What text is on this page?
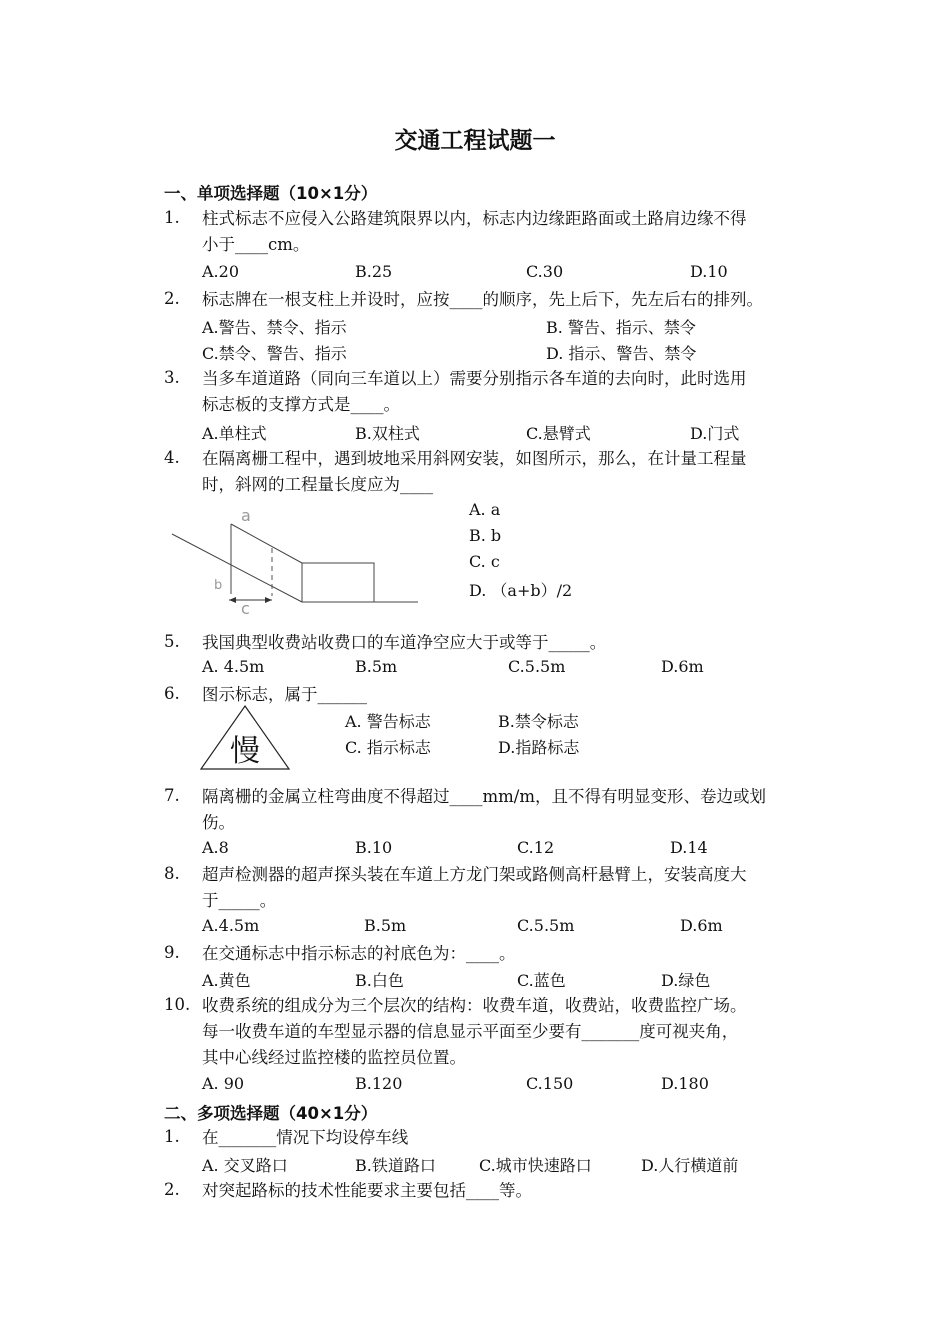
交通工程试题一
一、单项选择题（10×1分）
1. 柱式标志不应侵入公路建筑限界以内，标志内边缘距路面或土路肩边缘不得
小于____cm。
A.20	B.25	C.30	D.10
2. 标志牌在一根支柱上并设时，应按____的顺序，先上后下，先左后右的排列。
A.警告、禁令、指示	B. 警告、指示、禁令
C.禁令、警告、指示	D. 指示、警告、禁令
3. 当多车道道路（同向三车道以上）需要分别指示各车道的去向时，此时选用
标志板的支撑方式是____。
A.单柱式	B.双柱式	C.悬臂式	D.门式
4. 在隔离栅工程中，遇到坡地采用斜网安装，如图所示，那么，在计量工程量
时，斜网的工程量长度应为____
a
b
c
A. a
B. b
C. c
D. （a+b）/2
5. 我国典型收费站收费口的车道净空应大于或等于_____。
A. 4.5m	B.5m	C.5.5m	D.6m
6. 图示标志，属于______
慢
A. 警告标志	B.禁令标志
C. 指示标志	D.指路标志
7. 隔离栅的金属立柱弯曲度不得超过____mm/m，且不得有明显变形、卷边或划
伤。
A.8	B.10	C.12	D.14
8. 超声检测器的超声探头装在车道上方龙门架或路侧高杆悬臂上，安装高度大
于_____。
A.4.5m	B.5m	C.5.5m	D.6m
9. 在交通标志中指示标志的衬底色为：____。
A.黄色	B.白色	C.蓝色	D.绿色
10. 收费系统的组成分为三个层次的结构：收费车道，收费站，收费监控广场。
每一收费车道的车型显示器的信息显示平面至少要有_______度可视夹角，
其中心线经过监控楼的监控员位置。
A. 90	B.120	C.150	D.180
二、多项选择题（40×1分）
1. 在_______情况下均设停车线
A. 交叉路口	B.铁道路口	C.城市快速路口	D.人行横道前
2. 对突起路标的技术性能要求主要包括____等。
